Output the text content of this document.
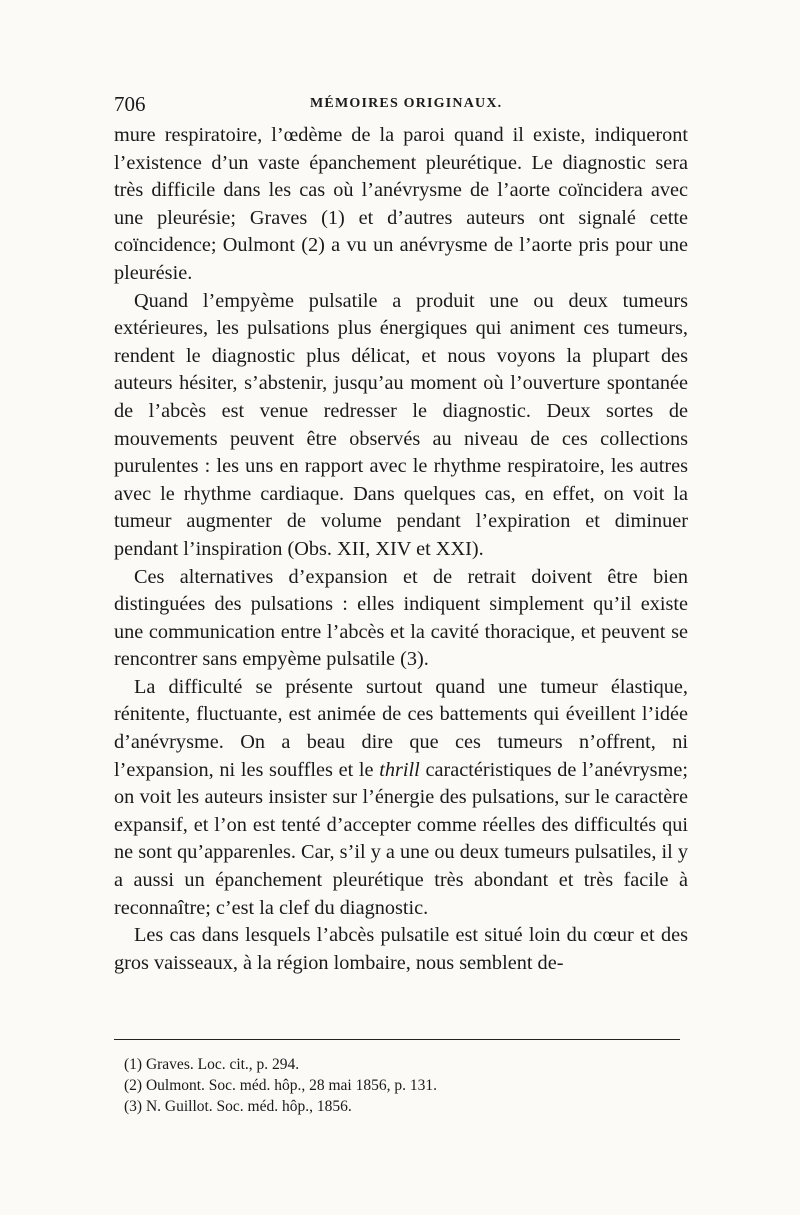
706	MÉMOIRES ORIGINAUX.

mure respiratoire, l’œdème de la paroi quand il existe, indiqueront l’existence d’un vaste épanchement pleurétique. Le diagnostic sera très difficile dans les cas où l’anévrysme de l’aorte coïncidera avec une pleurésie; Graves (1) et d’autres auteurs ont signalé cette coïncidence; Oulmont (2) a vu un anévrysme de l’aorte pris pour une pleurésie.

Quand l’empyème pulsatile a produit une ou deux tumeurs extérieures, les pulsations plus énergiques qui animent ces tumeurs, rendent le diagnostic plus délicat, et nous voyons la plupart des auteurs hésiter, s’abstenir, jusqu’au moment où l’ouverture spontanée de l’abcès est venue redresser le diagnostic. Deux sortes de mouvements peuvent être observés au niveau de ces collections purulentes : les uns en rapport avec le rhythme respiratoire, les autres avec le rhythme cardiaque. Dans quelques cas, en effet, on voit la tumeur augmenter de volume pendant l’expiration et diminuer pendant l’inspiration (Obs. XII, XIV et XXI).

Ces alternatives d’expansion et de retrait doivent être bien distinguées des pulsations : elles indiquent simplement qu’il existe une communication entre l’abcès et la cavité thoracique, et peuvent se rencontrer sans empyème pulsatile (3).

La difficulté se présente surtout quand une tumeur élastique, rénitente, fluctuante, est animée de ces battements qui éveillent l’idée d’anévrysme. On a beau dire que ces tumeurs n’offrent, ni l’expansion, ni les souffles et le thrill caractéristiques de l’anévrysme; on voit les auteurs insister sur l’énergie des pulsations, sur le caractère expansif, et l’on est tenté d’accepter comme réelles des difficultés qui ne sont qu’apparenles. Car, s’il y a une ou deux tumeurs pulsatiles, il y a aussi un épanchement pleurétique très abondant et très facile à reconnaître; c’est la clef du diagnostic.

Les cas dans lesquels l’abcès pulsatile est situé loin du cœur et des gros vaisseaux, à la région lombaire, nous semblent de-

(1) Graves. Loc. cit., p. 294.
(2) Oulmont. Soc. méd. hôp., 28 mai 1856, p. 131.
(3) N. Guillot. Soc. méd. hôp., 1856.
